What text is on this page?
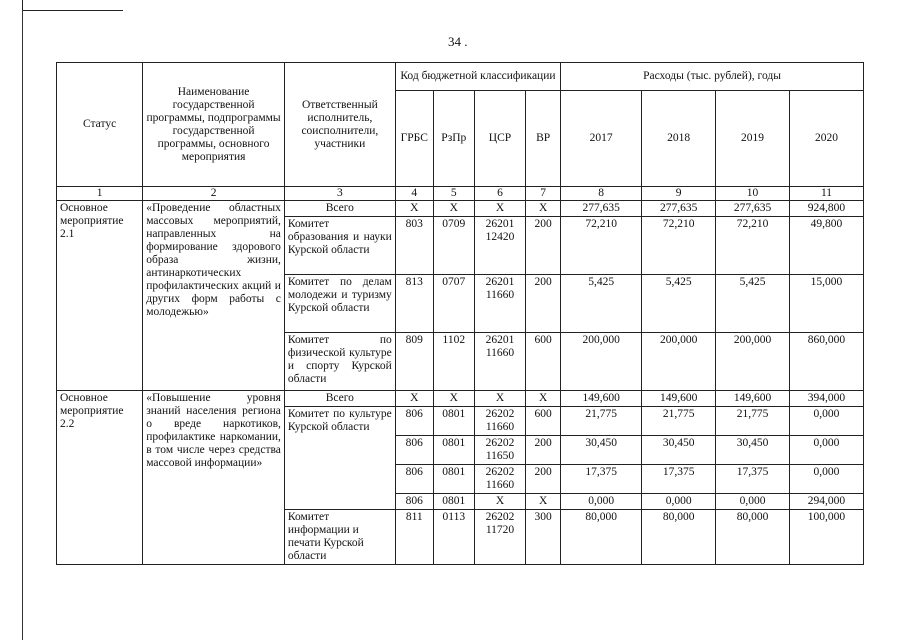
34 .
Статус	Наименование государственной программы, подпрограммы государственной программы, основного мероприятия	Ответственный исполнитель, соисполнители, участники	Код бюджетной классификации				Расходы (тыс. рублей), годы			
			ГРБС	РзПр	ЦСР	ВР	2017	2018	2019	2020
1	2	3	4	5	6	7	8	9	10	11
Основное мероприятие 2.1	«Проведение областных массовых мероприятий, направленных на формирование здорового образа жизни, антинаркотических профилактических акций и других форм работы с молодежью»	Всего	Х	Х	Х	Х	277,635	277,635	277,635	924,800
		Комитет образования и науки Курской области	803	0709	26201 12420	200	72,210	72,210	72,210	49,800
		Комитет по делам молодежи и туризму Курской области	813	0707	26201 11660	200	5,425	5,425	5,425	15,000
		Комитет по физической культуре и спорту Курской области	809	1102	26201 11660	600	200,000	200,000	200,000	860,000
Основное мероприятие 2.2	«Повышение уровня знаний населения региона о вреде наркотиков, профилактике наркомании, в том числе через средства массовой информации»	Всего	Х	Х	Х	Х	149,600	149,600	149,600	394,000
		Комитет по культуре Курской области	806	0801	26202 11660	600	21,775	21,775	21,775	0,000
			806	0801	26202 11650	200	30,450	30,450	30,450	0,000
			806	0801	26202 11660	200	17,375	17,375	17,375	0,000
			806	0801	Х	Х	0,000	0,000	0,000	294,000
		Комитет информации и печати Курской области	811	0113	26202 11720	300	80,000	80,000	80,000	100,000
